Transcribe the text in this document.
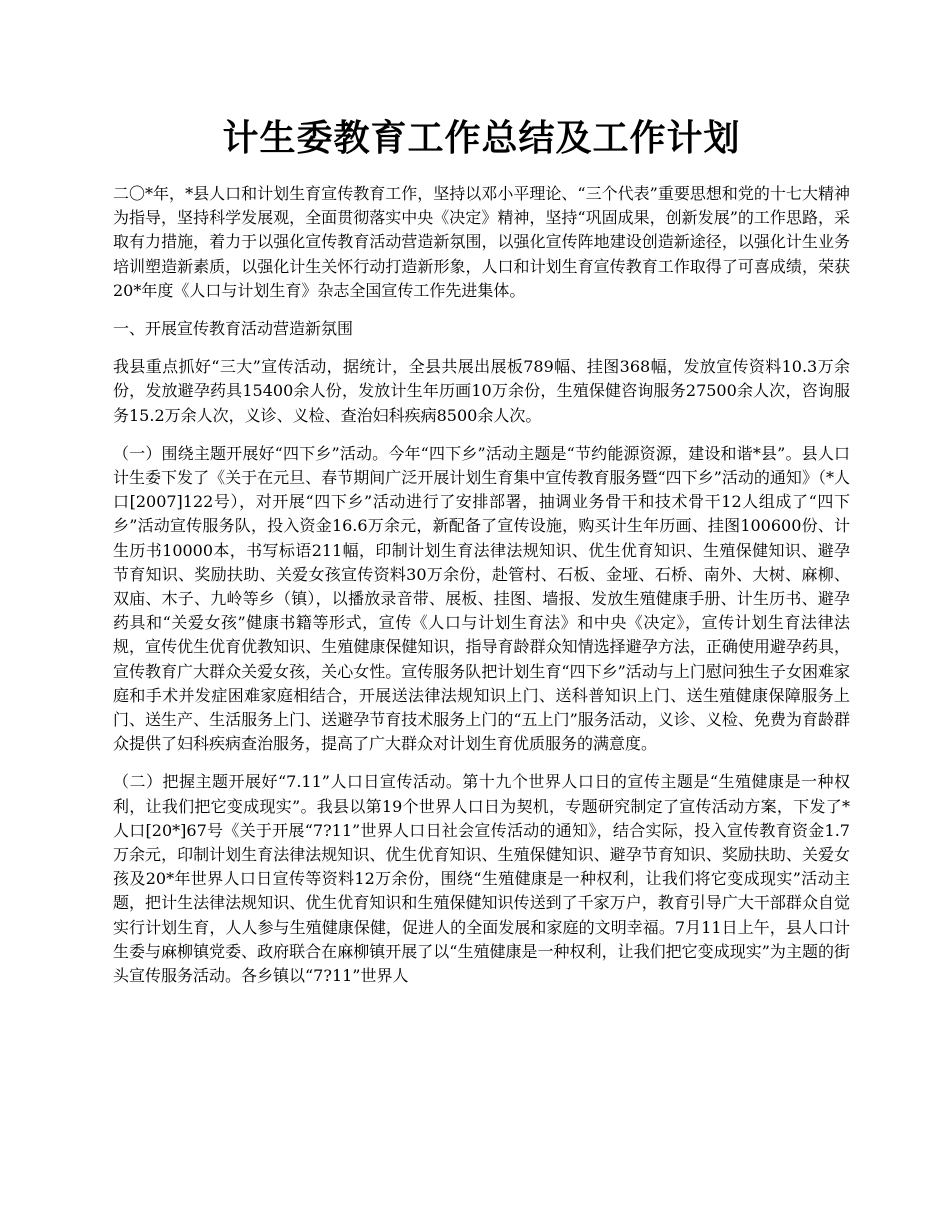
计生委教育工作总结及工作计划

二〇*年，*县人口和计划生育宣传教育工作，坚持以邓小平理论、“三个代表”重要思想和党的十七大精神为指导，坚持科学发展观，全面贯彻落实中央《决定》精神，坚持“巩固成果，创新发展”的工作思路，采取有力措施，着力于以强化宣传教育活动营造新氛围，以强化宣传阵地建设创造新途径，以强化计生业务培训塑造新素质，以强化计生关怀行动打造新形象，人口和计划生育宣传教育工作取得了可喜成绩，荣获20*年度《人口与计划生育》杂志全国宣传工作先进集体。

一、开展宣传教育活动营造新氛围

我县重点抓好“三大”宣传活动，据统计，全县共展出展板789幅、挂图368幅，发放宣传资料10.3万余份，发放避孕药具15400余人份，发放计生年历画10万余份，生殖保健咨询服务27500余人次，咨询服务15.2万余人次，义诊、义检、查治妇科疾病8500余人次。

（一）围绕主题开展好“四下乡”活动。今年“四下乡”活动主题是“节约能源资源，建设和谐*县”。县人口计生委下发了《关于在元旦、春节期间广泛开展计划生育集中宣传教育服务暨“四下乡”活动的通知》（*人口[2007]122号），对开展“四下乡”活动进行了安排部署，抽调业务骨干和技术骨干12人组成了“四下乡”活动宣传服务队，投入资金16.6万余元，新配备了宣传设施，购买计生年历画、挂图100600份、计生历书10000本，书写标语211幅，印制计划生育法律法规知识、优生优育知识、生殖保健知识、避孕节育知识、奖励扶助、关爱女孩宣传资料30万余份，赴管村、石板、金垭、石桥、南外、大树、麻柳、双庙、木子、九岭等乡（镇），以播放录音带、展板、挂图、墙报、发放生殖健康手册、计生历书、避孕药具和“关爱女孩”健康书籍等形式，宣传《人口与计划生育法》和中央《决定》，宣传计划生育法律法规，宣传优生优育优教知识、生殖健康保健知识，指导育龄群众知情选择避孕方法，正确使用避孕药具，宣传教育广大群众关爱女孩，关心女性。宣传服务队把计划生育“四下乡”活动与上门慰问独生子女困难家庭和手术并发症困难家庭相结合，开展送法律法规知识上门、送科普知识上门、送生殖健康保障服务上门、送生产、生活服务上门、送避孕节育技术服务上门的“五上门”服务活动，义诊、义检、免费为育龄群众提供了妇科疾病查治服务，提高了广大群众对计划生育优质服务的满意度。

（二）把握主题开展好“7.11”人口日宣传活动。第十九个世界人口日的宣传主题是“生殖健康是一种权利，让我们把它变成现实”。我县以第19个世界人口日为契机，专题研究制定了宣传活动方案，下发了*人口[20*]67号《关于开展“7?11”世界人口日社会宣传活动的通知》，结合实际，投入宣传教育资金1.7万余元，印制计划生育法律法规知识、优生优育知识、生殖保健知识、避孕节育知识、奖励扶助、关爱女孩及20*年世界人口日宣传等资料12万余份，围绕“生殖健康是一种权利，让我们将它变成现实”活动主题，把计生法律法规知识、优生优育知识和生殖保健知识传送到了千家万户，教育引导广大干部群众自觉实行计划生育，人人参与生殖健康保健，促进人的全面发展和家庭的文明幸福。7月11日上午，县人口计生委与麻柳镇党委、政府联合在麻柳镇开展了以“生殖健康是一种权利，让我们把它变成现实”为主题的街头宣传服务活动。各乡镇以“7?11”世界人
